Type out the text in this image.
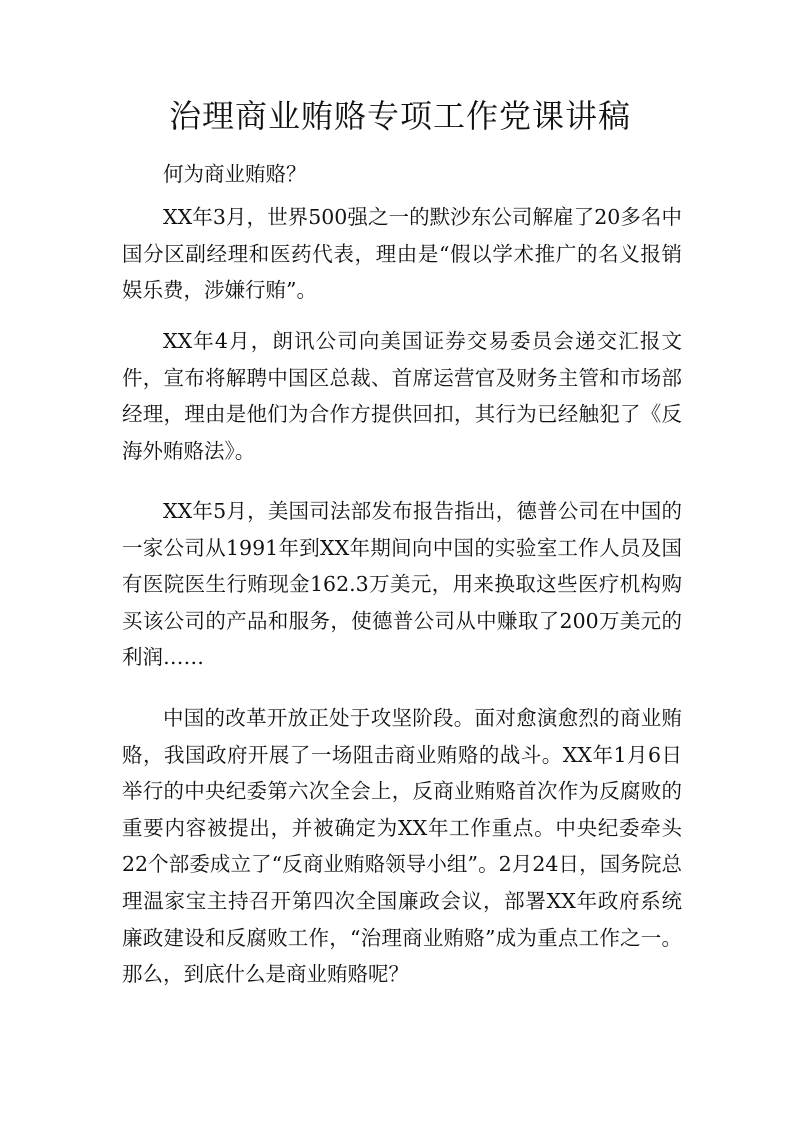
治理商业贿赂专项工作党课讲稿

何为商业贿赂？

XX年3月，世界500强之一的默沙东公司解雇了20多名中国分区副经理和医药代表，理由是“假以学术推广的名义报销娱乐费，涉嫌行贿”。

XX年4月，朗讯公司向美国证券交易委员会递交汇报文件，宣布将解聘中国区总裁、首席运营官及财务主管和市场部经理，理由是他们为合作方提供回扣，其行为已经触犯了《反海外贿赂法》。

XX年5月，美国司法部发布报告指出，德普公司在中国的一家公司从1991年到XX年期间向中国的实验室工作人员及国有医院医生行贿现金162.3万美元，用来换取这些医疗机构购买该公司的产品和服务，使德普公司从中赚取了200万美元的利润……

中国的改革开放正处于攻坚阶段。面对愈演愈烈的商业贿赂，我国政府开展了一场阻击商业贿赂的战斗。XX年1月6日举行的中央纪委第六次全会上，反商业贿赂首次作为反腐败的重要内容被提出，并被确定为XX年工作重点。中央纪委牵头22个部委成立了“反商业贿赂领导小组”。2月24日，国务院总理温家宝主持召开第四次全国廉政会议，部署XX年政府系统廉政建设和反腐败工作，“治理商业贿赂”成为重点工作之一。那么，到底什么是商业贿赂呢？
